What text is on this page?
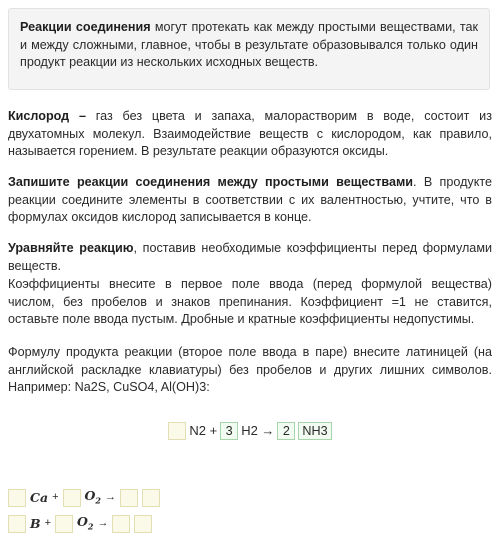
Реакции соединения могут протекать как между простыми веществами, так и между сложными, главное, чтобы в результате образовывался только один продукт реакции из нескольких исходных веществ.

Кислород – газ без цвета и запаха, малорастворим в воде, состоит из двухатомных молекул. Взаимодействие веществ с кислородом, как правило, называется горением. В результате реакции образуются оксиды.

Запишите реакции соединения между простыми веществами. В продукте реакции соедините элементы в соответствии с их валентностью, учтите, что в формулах оксидов кислород записывается в конце.

Уравняйте реакцию, поставив необходимые коэффициенты перед формулами веществ.

Коэффициенты внесите в первое поле ввода (перед формулой вещества) числом, без пробелов и знаков препинания. Коэффициент =1 не ставится, оставьте поле ввода пустым. Дробные и кратные коэффициенты недопустимы.

Формулу продукта реакции (второе поле ввода в паре) внесите латиницей (на английской раскладке клавиатуры) без пробелов и других лишних символов. Например: Na2S, CuSO4, Al(OH)3:

N2 + 3 H2 → 2 NH3
$Ca + O_2$ →
$B + O_2$ →
